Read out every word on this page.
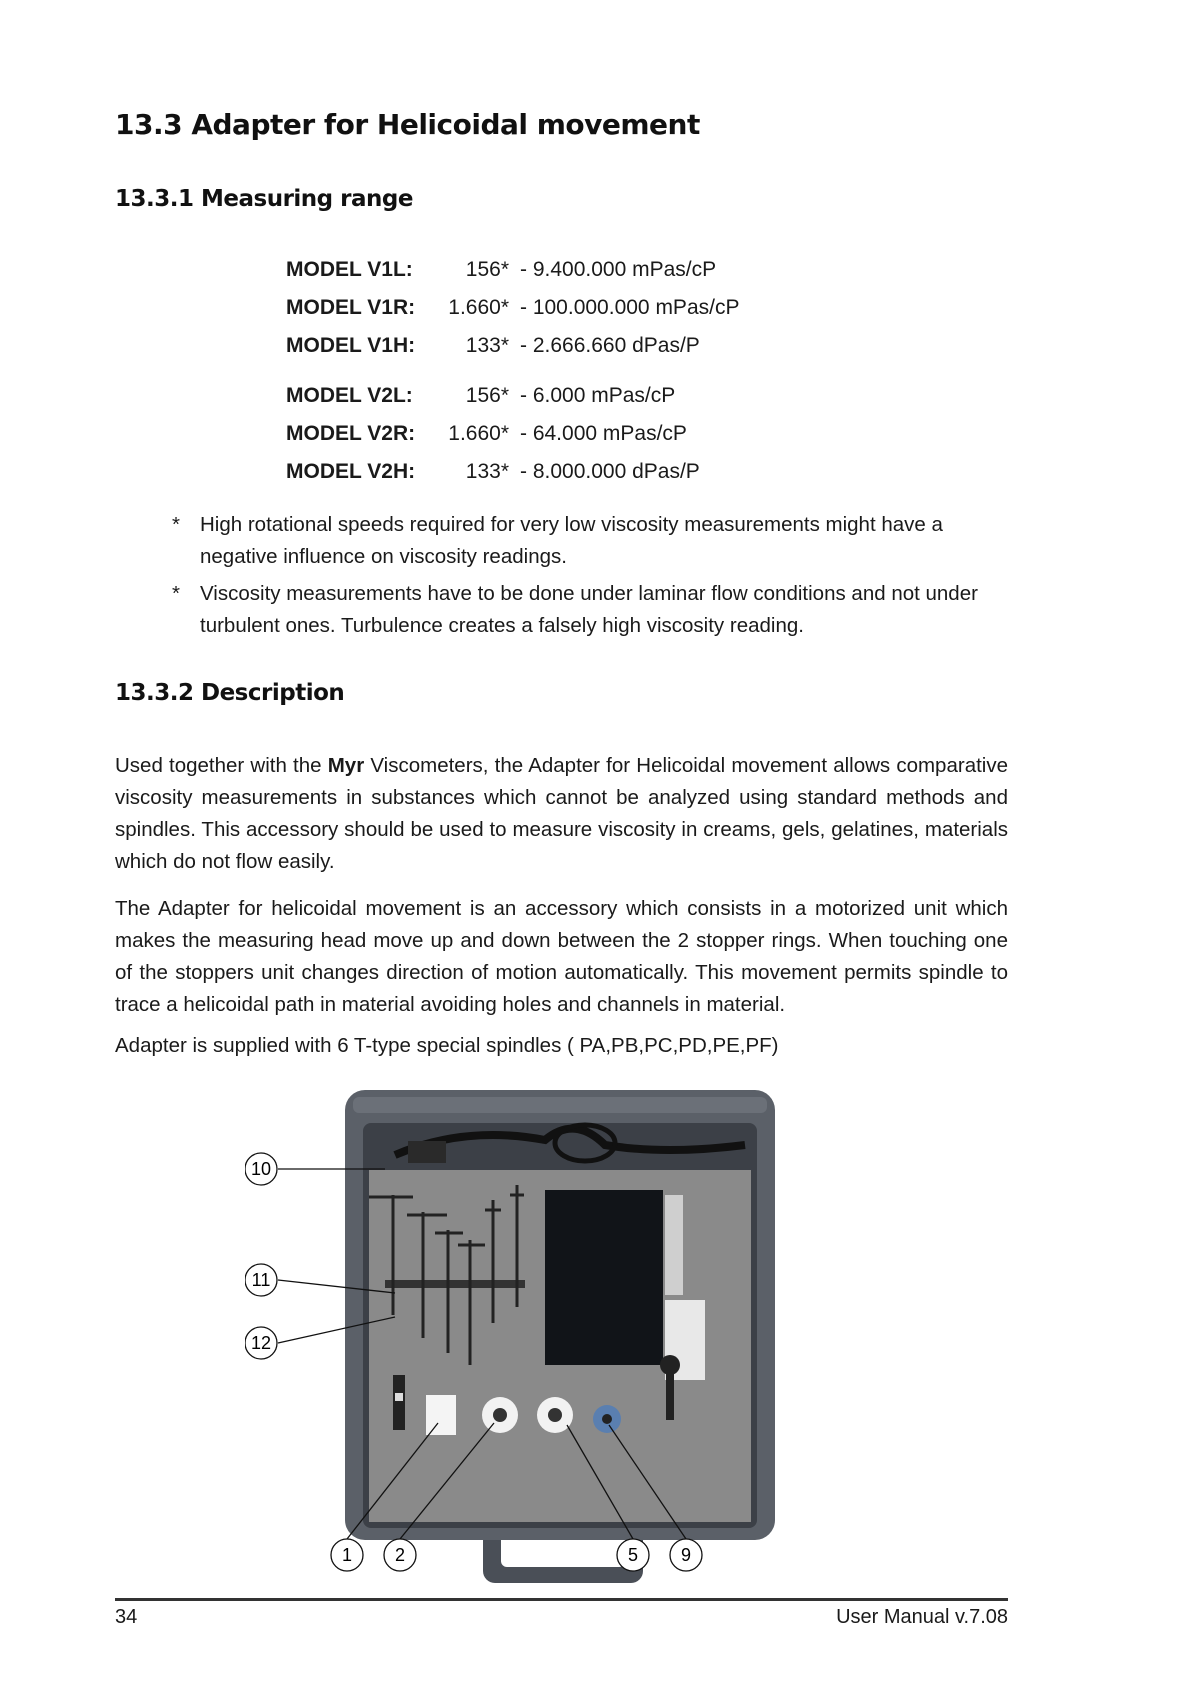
13.3 Adapter for Helicoidal movement
13.3.1 Measuring range
MODEL V1L:	156* - 9.400.000 mPas/cP
MODEL V1R:	1.660* - 100.000.000 mPas/cP
MODEL V1H:	133* - 2.666.660 dPas/P
MODEL V2L:	156* - 6.000 mPas/cP
MODEL V2R:	1.660* - 64.000 mPas/cP
MODEL V2H:	133* - 8.000.000 dPas/P
* High rotational speeds required for very low viscosity measurements might have a negative influence on viscosity readings.
* Viscosity measurements have to be done under laminar flow conditions and not under turbulent ones. Turbulence creates a falsely high viscosity reading.
13.3.2 Description
Used together with the Myr Viscometers, the Adapter for Helicoidal movement allows comparative viscosity measurements in substances which cannot be analyzed using standard methods and spindles. This accessory should be used to measure viscosity in creams, gels, gelatines, materials which do not flow easily.
The Adapter for helicoidal movement is an accessory which consists in a motorized unit which makes the measuring head move up and down between the 2 stopper rings. When touching one of the stoppers unit changes direction of motion automatically. This movement permits spindle to trace a helicoidal path in material avoiding holes and channels in material.
Adapter is supplied with 6 T-type special spindles ( PA,PB,PC,PD,PE,PF)
10
11
12
1 2	5 9
34	User Manual v.7.08
